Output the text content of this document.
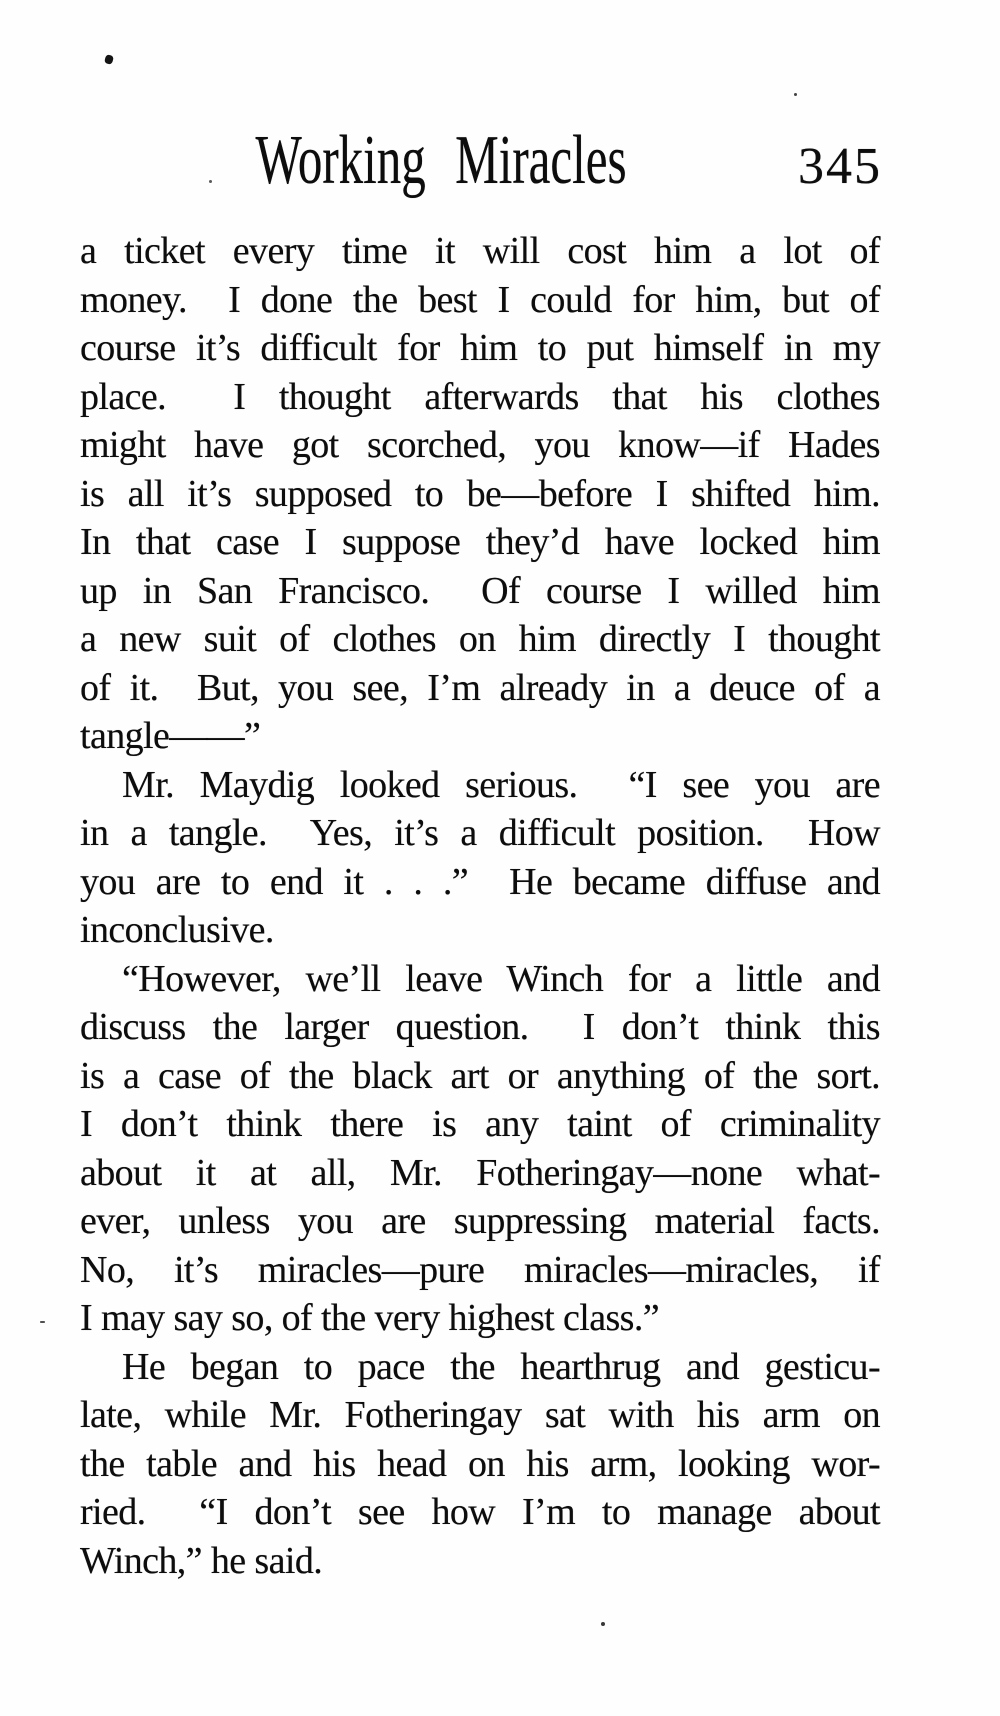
Working Miracles	345

a ticket every time it will cost him a lot of
money.  I done the best I could for him, but of
course it’s difficult for him to put himself in my
place.  I thought afterwards that his clothes
might have got scorched, you know—if Hades
is all it’s supposed to be—before I shifted him.
In that case I suppose they’d have locked him
up in San Francisco.  Of course I willed him
a new suit of clothes on him directly I thought
of it.  But, you see, I’m already in a deuce of a
tangle——”

Mr. Maydig looked serious.  “I see you are
in a tangle.  Yes, it’s a difficult position.  How
you are to end it . . .”  He became diffuse and
inconclusive.

“However, we’ll leave Winch for a little and
discuss the larger question.  I don’t think this
is a case of the black art or anything of the sort.
I don’t think there is any taint of criminality
about it at all, Mr. Fotheringay—none what-
ever, unless you are suppressing material facts.
No, it’s miracles—pure miracles—miracles, if
I may say so, of the very highest class.”

He began to pace the hearthrug and gesticu-
late, while Mr. Fotheringay sat with his arm on
the table and his head on his arm, looking wor-
ried.  “I don’t see how I’m to manage about
Winch,” he said.
